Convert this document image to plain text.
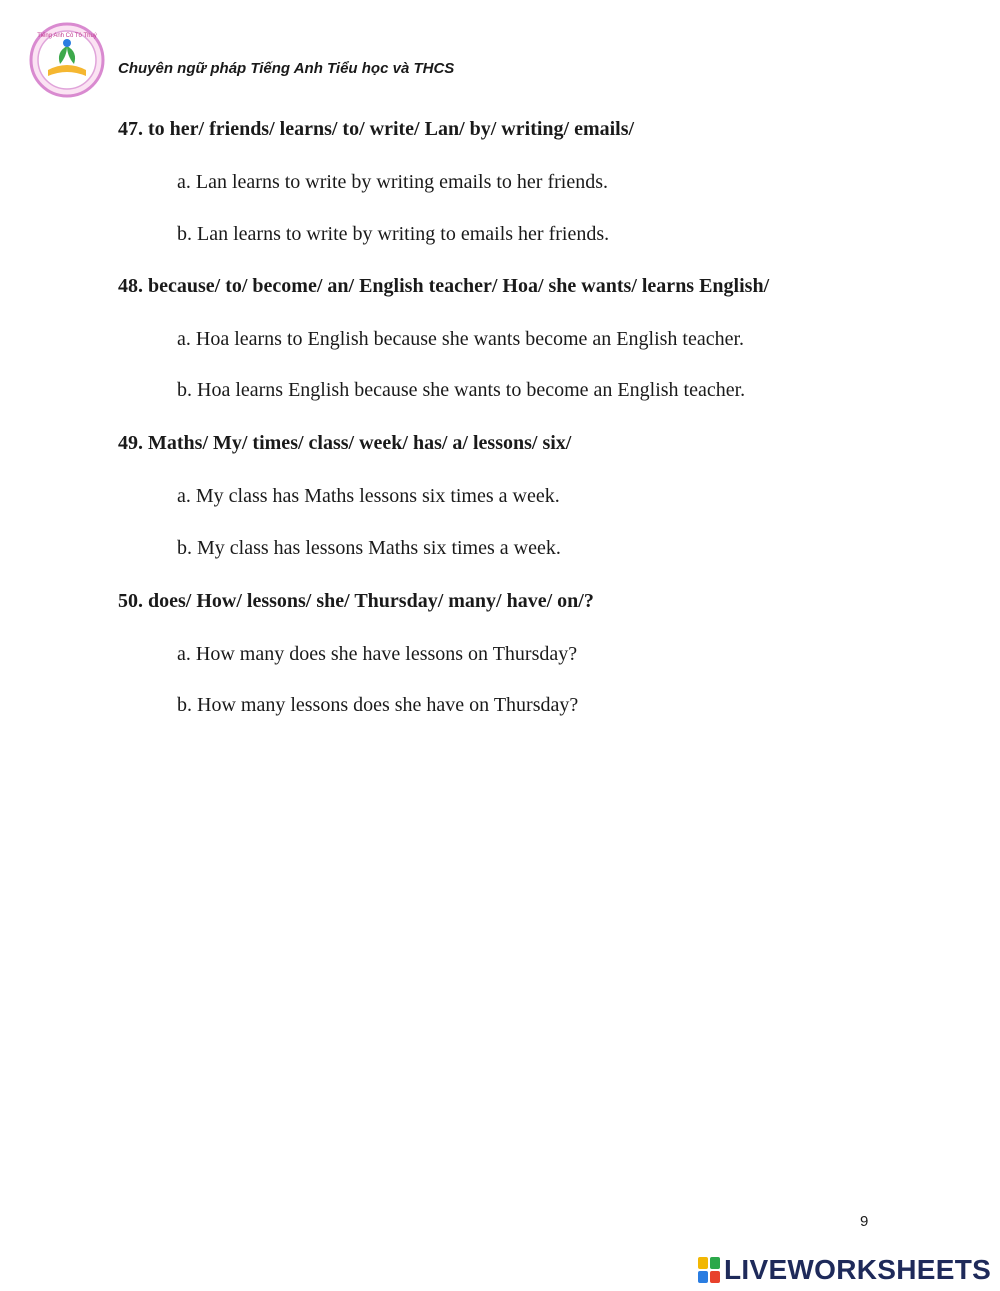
Tiếng Anh Cô Tô Thuý
Chuyên ngữ pháp Tiếng Anh Tiểu học và THCS
47. to her/ friends/ learns/ to/ write/ Lan/ by/ writing/ emails/
a. Lan learns to write by writing emails to her friends.
b. Lan learns to write by writing to emails her friends.
48. because/ to/ become/ an/ English teacher/ Hoa/ she wants/ learns English/
a. Hoa learns to English because she wants become an English teacher.
b. Hoa learns English because she wants to become an English teacher.
49. Maths/ My/ times/ class/ week/ has/ a/ lessons/ six/
a. My class has Maths lessons six times a week.
b. My class has lessons Maths six times a week.
50. does/ How/ lessons/ she/ Thursday/ many/ have/ on/?
a. How many does she have lessons on Thursday?
b. How many lessons does she have on Thursday?
9
LIVEWORKSHEETS
